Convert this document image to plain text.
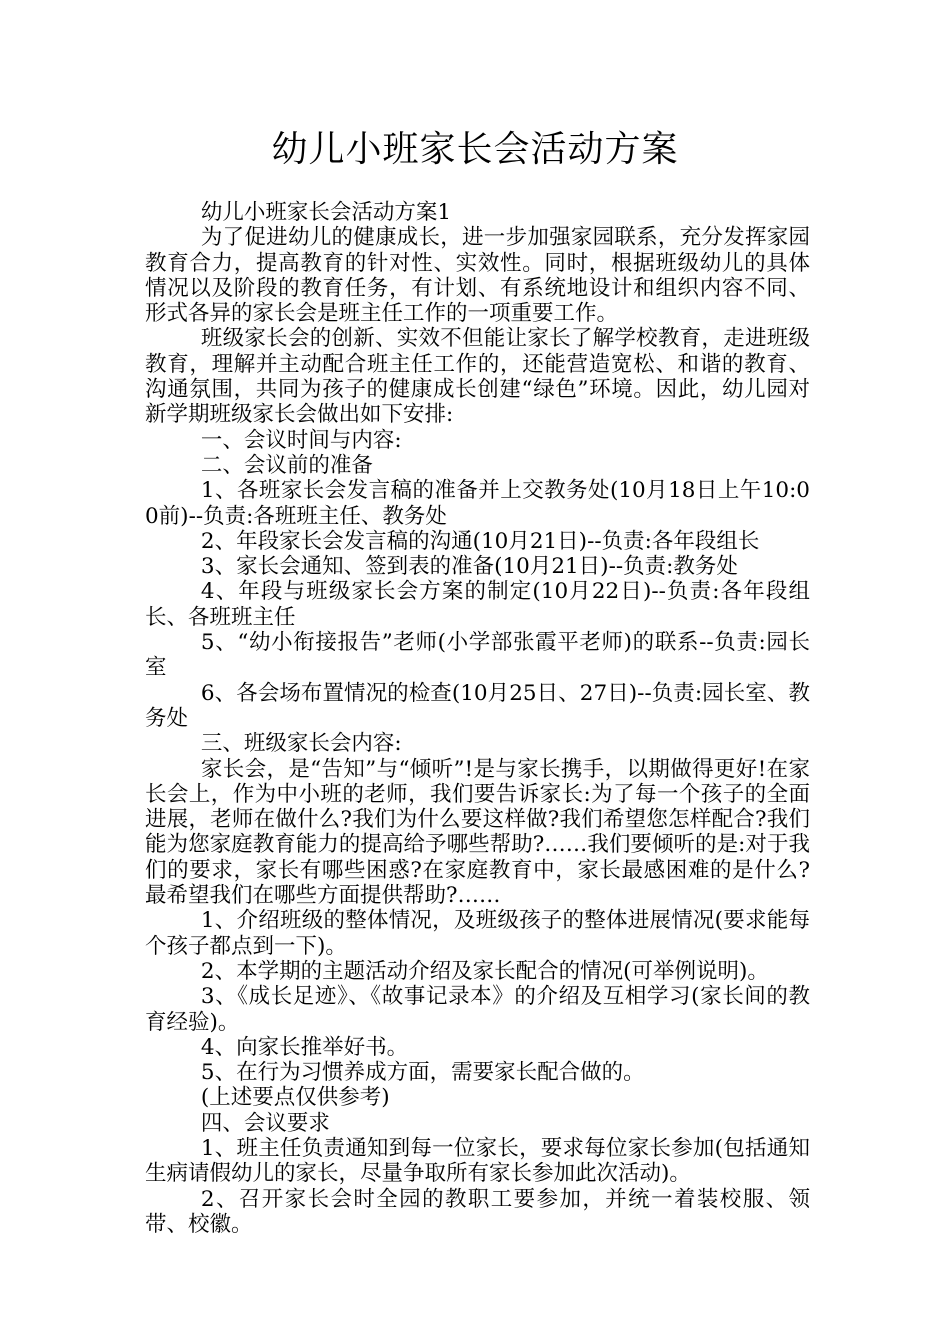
幼儿小班家长会活动方案

幼儿小班家长会活动方案1

为了促进幼儿的健康成长，进一步加强家园联系，充分发挥家园教育合力，提高教育的针对性、实效性。同时，根据班级幼儿的具体情况以及阶段的教育任务，有计划、有系统地设计和组织内容不同、形式各异的家长会是班主任工作的一项重要工作。

班级家长会的创新、实效不但能让家长了解学校教育，走进班级教育，理解并主动配合班主任工作的，还能营造宽松、和谐的教育、沟通氛围，共同为孩子的健康成长创建“绿色”环境。因此，幼儿园对新学期班级家长会做出如下安排:

一、会议时间与内容:

二、会议前的准备

1、各班家长会发言稿的准备并上交教务处(10月18日上午10:00前)--负责:各班班主任、教务处

2、年段家长会发言稿的沟通(10月21日)--负责:各年段组长

3、家长会通知、签到表的准备(10月21日)--负责:教务处

4、年段与班级家长会方案的制定(10月22日)--负责:各年段组长、各班班主任

5、“幼小衔接报告”老师(小学部张霞平老师)的联系--负责:园长室

6、各会场布置情况的检查(10月25日、27日)--负责:园长室、教务处

三、班级家长会内容:

家长会，是“告知”与“倾听”!是与家长携手，以期做得更好!在家长会上，作为中小班的老师，我们要告诉家长:为了每一个孩子的全面进展，老师在做什么?我们为什么要这样做?我们希望您怎样配合?我们能为您家庭教育能力的提高给予哪些帮助?……我们要倾听的是:对于我们的要求，家长有哪些困惑?在家庭教育中，家长最感困难的是什么?最希望我们在哪些方面提供帮助?……

1、介绍班级的整体情况，及班级孩子的整体进展情况(要求能每个孩子都点到一下)。

2、本学期的主题活动介绍及家长配合的情况(可举例说明)。

3、《成长足迹》、《故事记录本》的介绍及互相学习(家长间的教育经验)。

4、向家长推举好书。

5、在行为习惯养成方面，需要家长配合做的。

(上述要点仅供参考)

四、会议要求

1、班主任负责通知到每一位家长，要求每位家长参加(包括通知生病请假幼儿的家长，尽量争取所有家长参加此次活动)。

2、召开家长会时全园的教职工要参加，并统一着装校服、领带、校徽。
